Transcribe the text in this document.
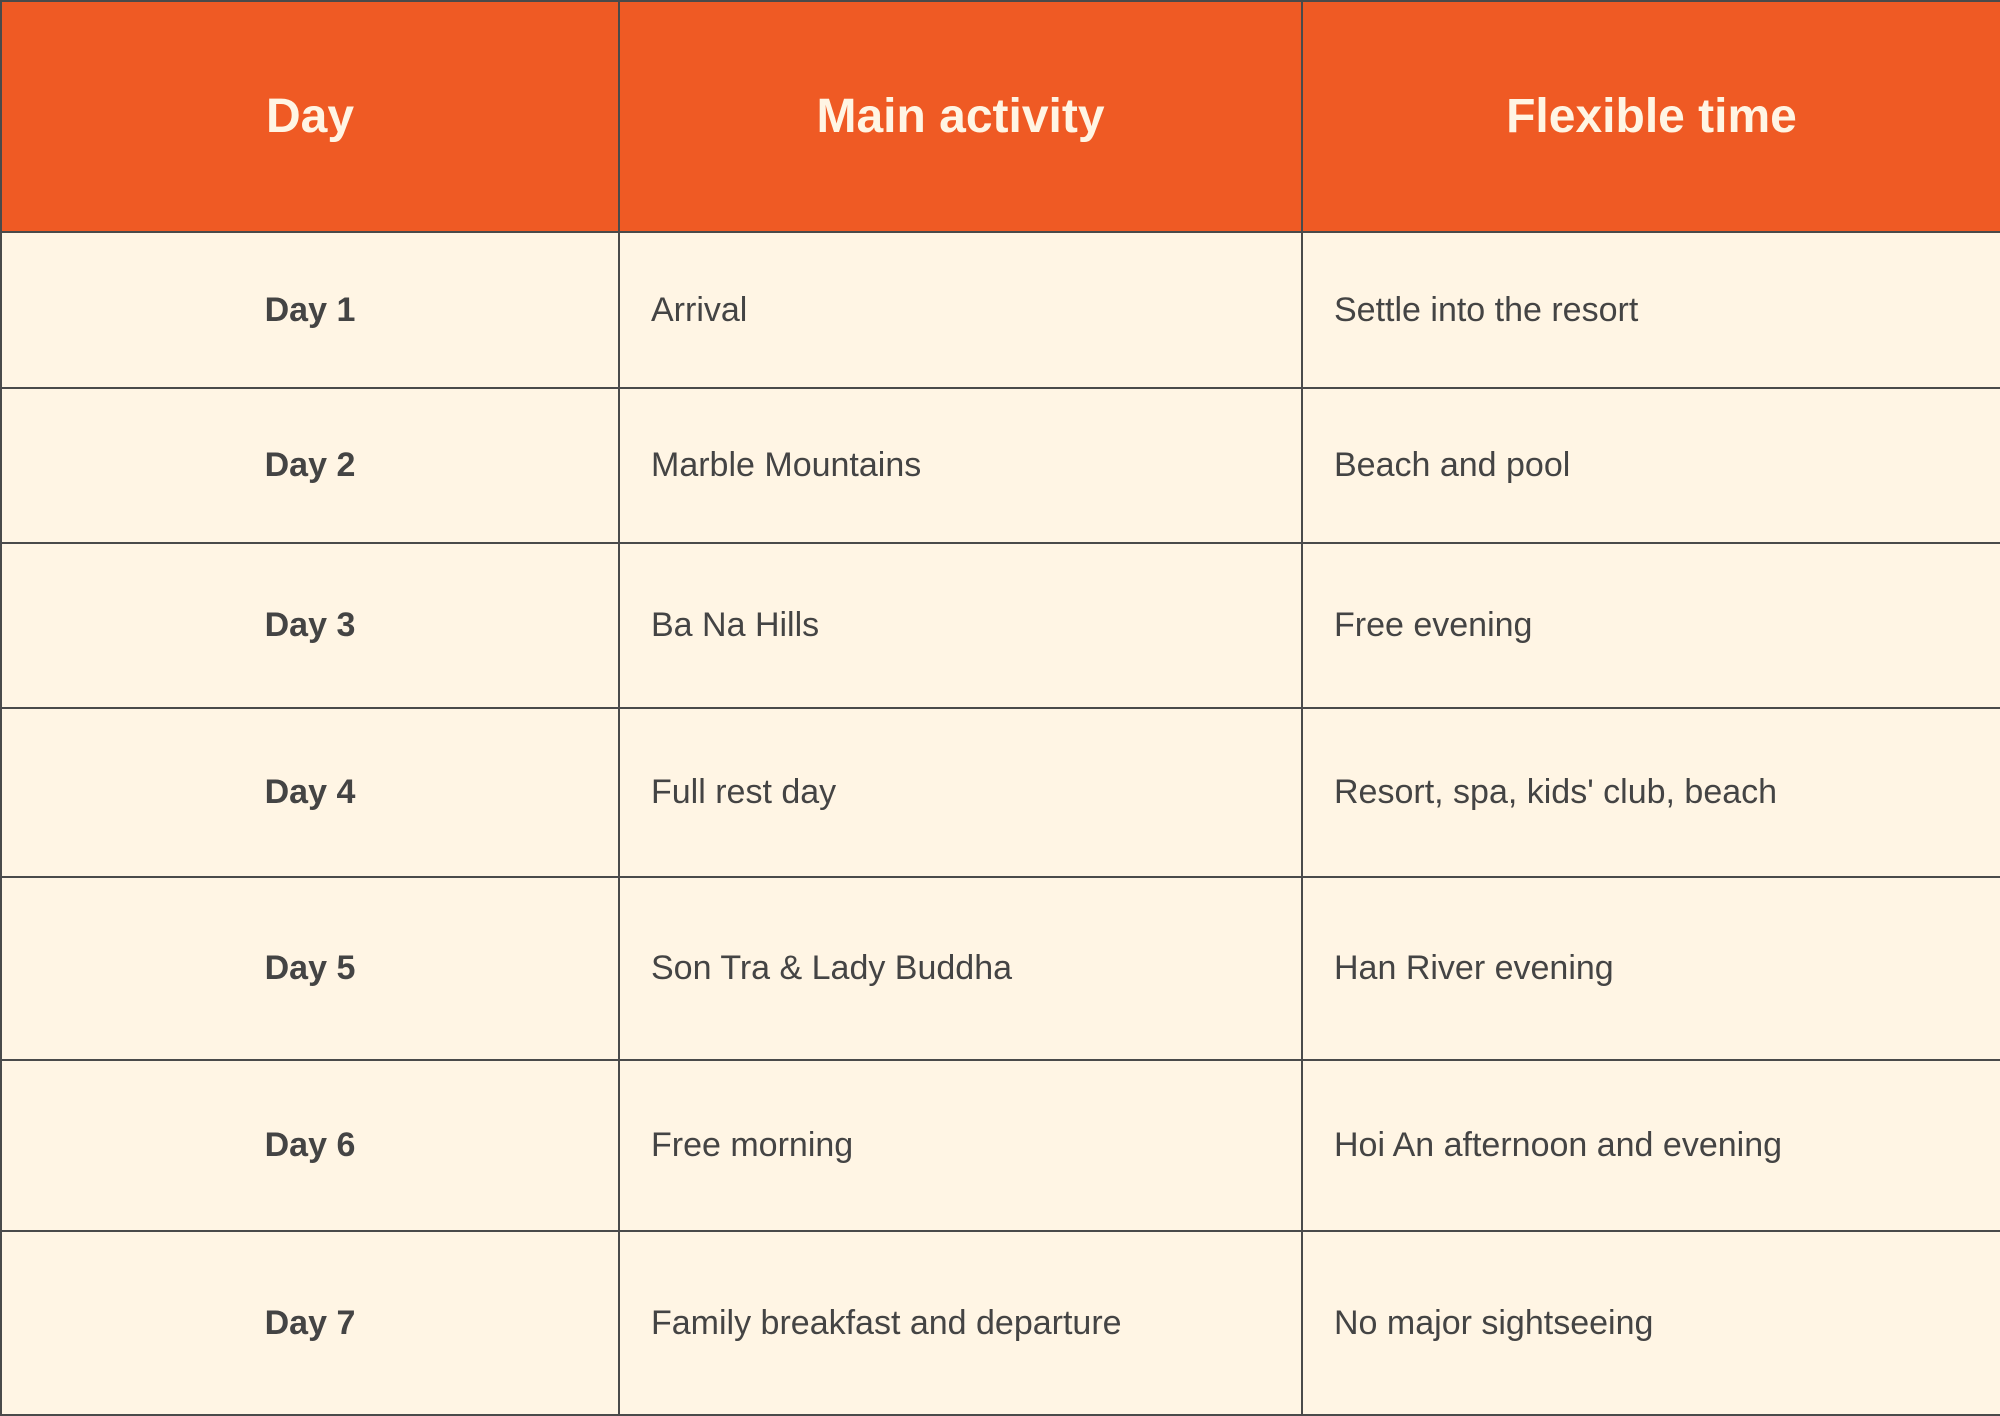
Day	Main activity	Flexible time
Day 1	Arrival	Settle into the resort
Day 2	Marble Mountains	Beach and pool
Day 3	Ba Na Hills	Free evening
Day 4	Full rest day	Resort, spa, kids' club, beach
Day 5	Son Tra & Lady Buddha	Han River evening
Day 6	Free morning	Hoi An afternoon and evening
Day 7	Family breakfast and departure	No major sightseeing
